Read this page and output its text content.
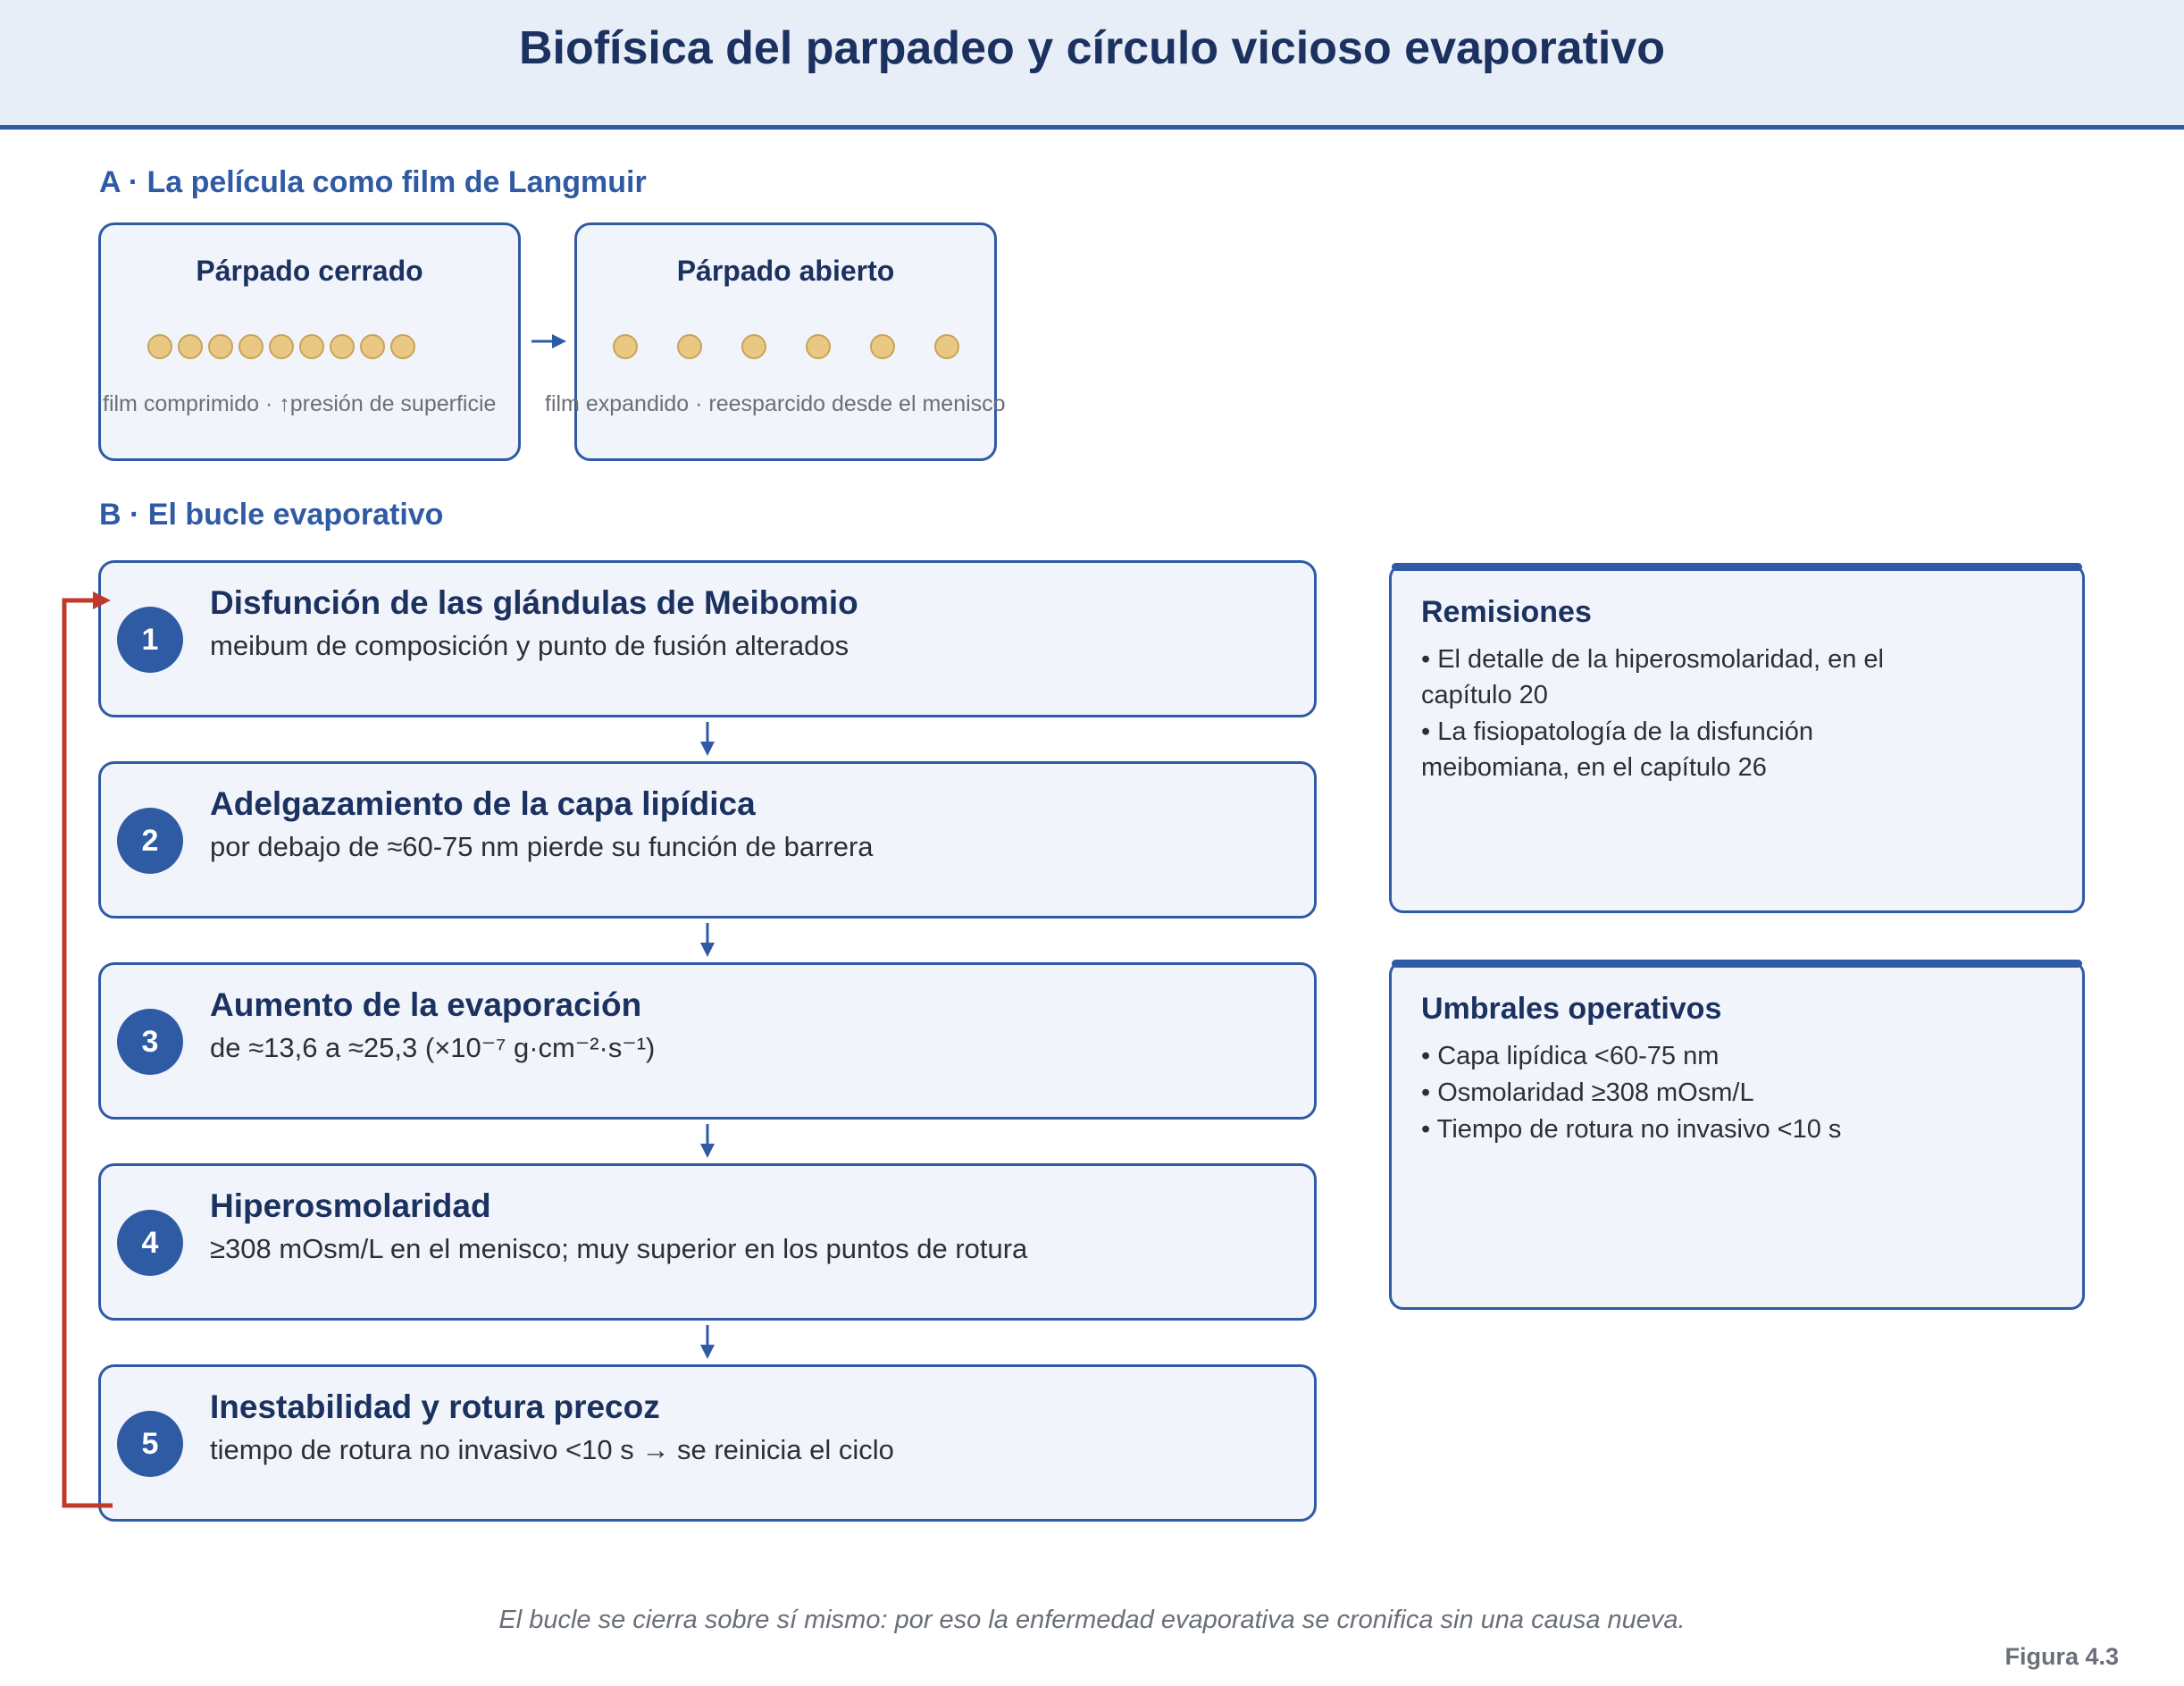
Biofísica del parpadeo y círculo vicioso evaporativo
A · La película como film de Langmuir
Párpado cerrado
film comprimido · ↑presión de superficie
Párpado abierto
film expandido · reesparcido desde el menisco
B · El bucle evaporativo
1
Disfunción de las glándulas de Meibomio
meibum de composición y punto de fusión alterados
2
Adelgazamiento de la capa lipídica
por debajo de ≈60-75 nm pierde su función de barrera
3
Aumento de la evaporación
de ≈13,6 a ≈25,3 (×10⁻⁷ g·cm⁻²·s⁻¹)
4
Hiperosmolaridad
≥308 mOsm/L en el menisco; muy superior en los puntos de rotura
5
Inestabilidad y rotura precoz
tiempo de rotura no invasivo <10 s → se reinicia el ciclo
Remisiones
• El detalle de la hiperosmolaridad, en el capítulo 20
• La fisiopatología de la disfunción meibomiana, en el capítulo 26
Umbrales operativos
• Capa lipídica <60-75 nm
• Osmolaridad ≥308 mOsm/L
• Tiempo de rotura no invasivo <10 s
El bucle se cierra sobre sí mismo: por eso la enfermedad evaporativa se cronifica sin una causa nueva.
Figura 4.3
